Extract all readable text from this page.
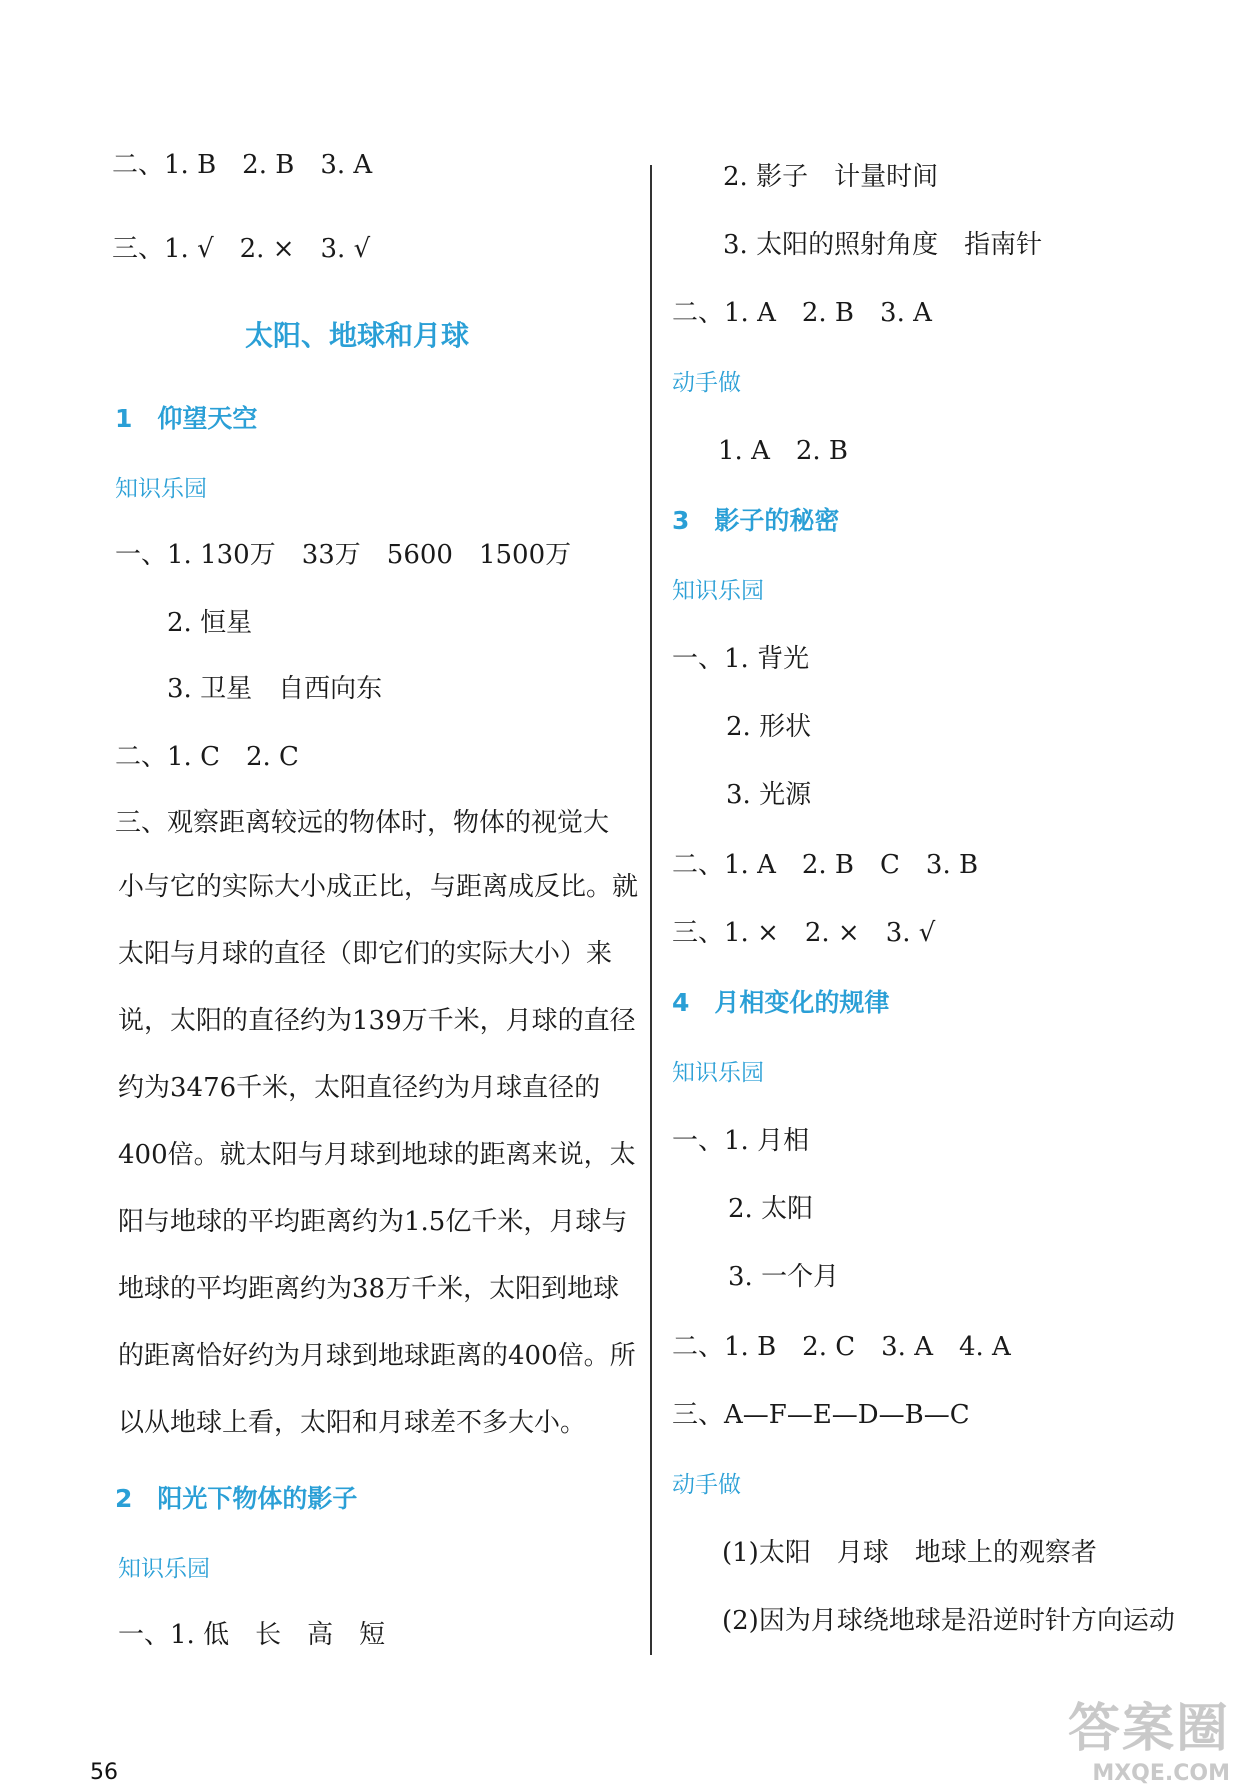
二、1. B　2. B　3. A
三、1. √　2. ×　3. √
太阳、地球和月球
1　仰望天空
知识乐园
一、1. 130万　33万　5600　1500万
2. 恒星
3. 卫星　自西向东
二、1. C　2. C
三、观察距离较远的物体时，物体的视觉大
小与它的实际大小成正比，与距离成反比。就太阳与月球的直径（即它们的实际大小）来说，太阳的直径约为139万千米，月球的直径约为3476千米，太阳直径约为月球直径的400倍。就太阳与月球到地球的距离来说，太阳与地球的平均距离约为1.5亿千米，月球与地球的平均距离约为38万千米，太阳到地球的距离恰好约为月球到地球距离的400倍。所以从地球上看，太阳和月球差不多大小。
2　阳光下物体的影子
知识乐园
一、1. 低　长　高　短
2. 影子　计量时间
3. 太阳的照射角度　指南针
二、1. A　2. B　3. A
动手做
1. A　2. B
3　影子的秘密
知识乐园
一、1. 背光
2. 形状
3. 光源
二、1. A　2. B　C　3. B
三、1. ×　2. ×　3. √
4　月相变化的规律
知识乐园
一、1. 月相
2. 太阳
3. 一个月
二、1. B　2. C　3. A　4. A
三、A—F—E—D—B—C
动手做
(1)太阳　月球　地球上的观察者
(2)因为月球绕地球是沿逆时针方向运动
56
答案圈
MXQE.COM
